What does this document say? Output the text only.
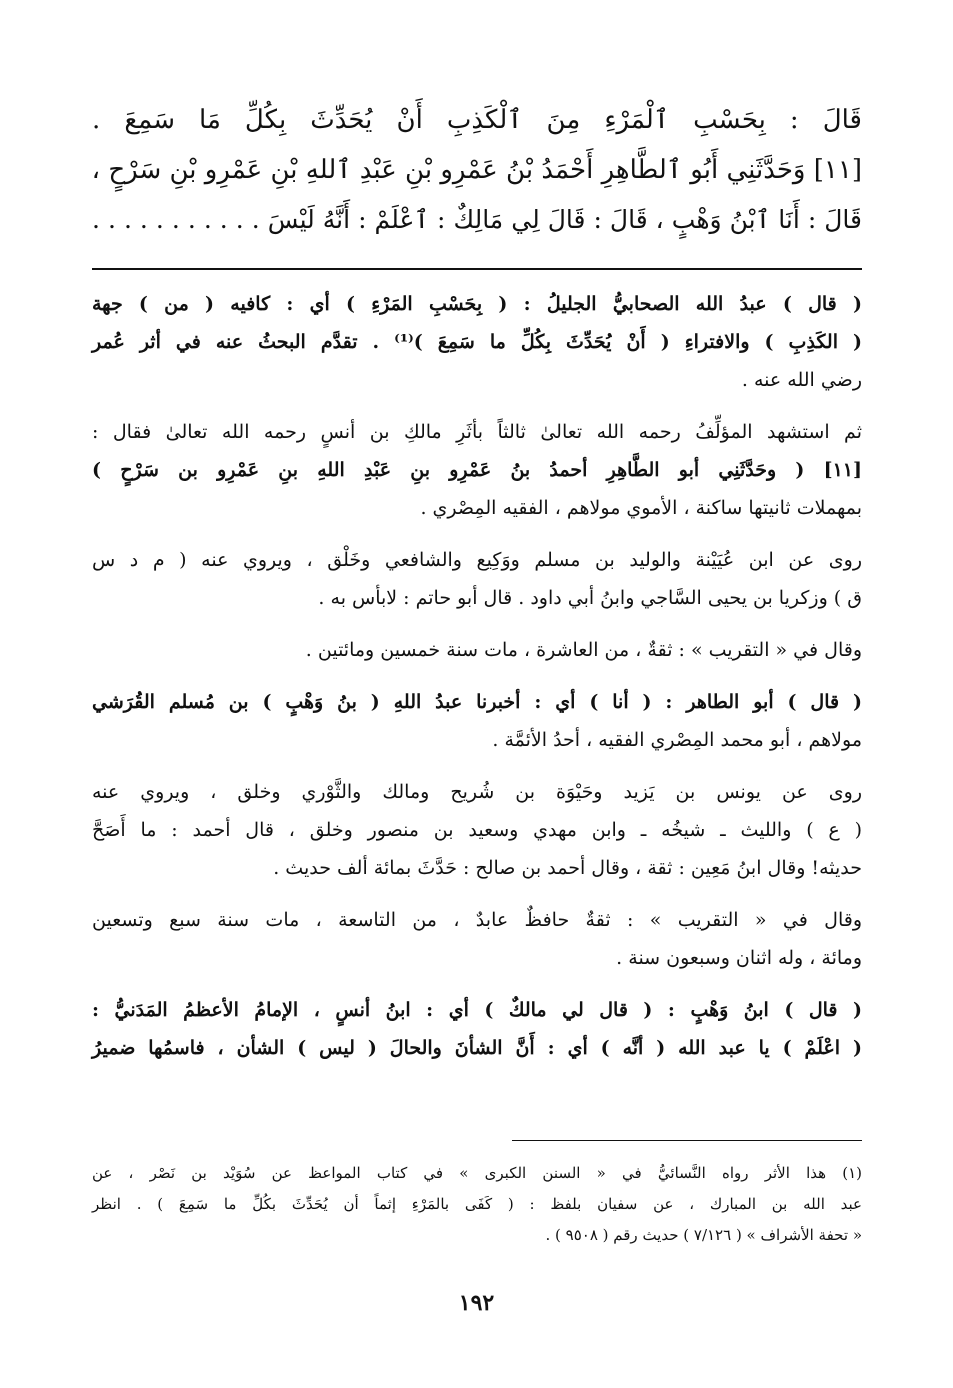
قَالَ : بِحَسْبِ ٱلْمَرْءِ مِنَ ٱلْكَذِبِ أَنْ يُحَدِّثَ بِكُلِّ مَا سَمِعَ .
[١١] وَحَدَّثَنِي أَبُو ٱلطَّاهِرِ أَحْمَدُ بْنُ عَمْرِو بْنِ عَبْدِ ٱللهِ بْنِ عَمْرِو بْنِ سَرْحٍ ،
قَالَ : أَنَا ٱبْنُ وَهْبٍ ، قَالَ : قَالَ لِي مَالِكٌ : ٱعْلَمْ : أَنَّهُ لَيْسَ . . . . . . . . . . .
( قال ) عبدُ الله الصحابيُّ الجليلُ : ( بِحَسْبِ المَرْءِ ) أي : كافيه ( من ) جهة
( الكَذِبِ ) والافتراءِ ( أَنْ يُحَدِّثَ بِكُلِّ ما سَمِعَ )⁽¹⁾ . تقدَّم البحثُ عنه في أثر عُمر
رضي الله عنه .
ثم استشهد المؤلِّفُ رحمه الله تعالىٰ ثالثاً بأثَرِ مالكِ بن أنسٍ رحمه الله تعالىٰ فقال :
[١١] ( وحَدَّثَنِي أبو الطَّاهِرِ أحمدُ بنُ عَمْرِو بنِ عَبْدِ اللهِ بنِ عَمْرِو بن سَرْحٍ )
بمهملات ثانيتها ساكنة ، الأموي مولاهم ، الفقيه المِصْري .
روى عن ابن عُيَيْنة والوليد بن مسلم ووَكِيع والشافعي وخَلْق ، ويروي عنه ( م د س
ق ) وزكريا بن يحيى السَّاجي وابنُ أبي داود . قال أبو حاتم : لابأس به .
وقال في « التقريب » : ثقةٌ ، من العاشرة ، مات سنة خمسين ومائتين .
( قال ) أبو الطاهر : ( أنا ) أي : أخبرنا عبدُ اللهِ ( بنُ وَهْبٍ ) بن مُسلم القُرَشي
مولاهم ، أبو محمد المِصْري الفقيه ، أحدُ الأئمَّة .
روى عن يونس بن يَزيد وحَيْوَة بن شُريح ومالك والثَّوْري وخلق ، ويروي عنه
( ع ) والليث ـ شيخُه ـ وابن مهدي وسعيد بن منصور وخلق ، قال أحمد : ما أَصَحَّ
حديثه! وقال ابنُ مَعِين : ثقة ، وقال أحمد بن صالح : حَدَّثَ بمائة ألف حديث .
وقال في « التقريب » : ثقةٌ حافظٌ عابدٌ ، من التاسعة ، مات سنة سبع وتسعين
ومائة ، وله اثنان وسبعون سنة .
( قال ) ابنُ وَهْبٍ : ( قال لي مالكٌ ) أي : ابنُ أنسٍ ، الإمامُ الأعظمُ المَدَنيُّ :
( اعْلَمْ ) يا عبد الله ( أنَّه ) أي : أَنَّ الشأنَ والحالَ ( ليس ) الشأن ، فاسمُها ضميرُ
(١) هذا الأثر رواه النَّسائيُّ في « السنن الكبرى » في كتاب المواعظ عن سُوَيْد بن نَصْر ، عن
عبد الله بن المبارك ، عن سفيان بلفظ : ( كَفَى بالمَرْءِ إثماً أن يُحَدِّثَ بكُلِّ ما سَمِعَ ) . انظر
« تحفة الأشراف » ( ٧/١٢٦ ) حديث رقم ( ٩٥٠٨ ) .
١٩٢
